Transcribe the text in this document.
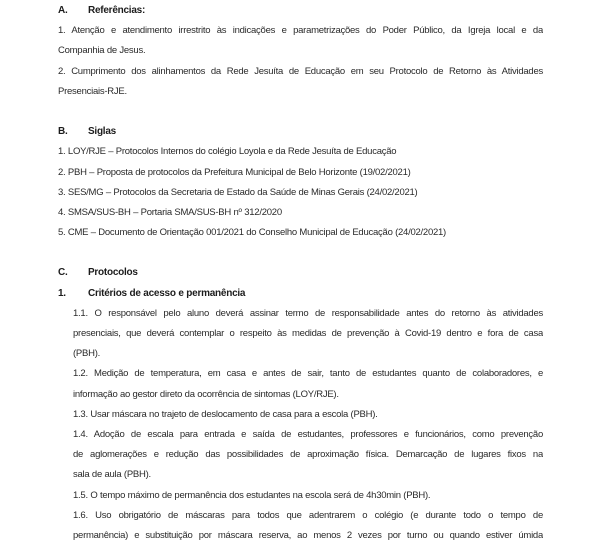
A. Referências:
1. Atenção e atendimento irrestrito às indicações e parametrizações do Poder Público, da Igreja local e da
Companhia de Jesus.
2. Cumprimento dos alinhamentos da Rede Jesuíta de Educação em seu Protocolo de Retorno às Atividades
Presenciais-RJE.
B. Siglas
1. LOY/RJE – Protocolos Internos do colégio Loyola e da Rede Jesuíta de Educação
2. PBH – Proposta de protocolos da Prefeitura Municipal de Belo Horizonte (19/02/2021)
3. SES/MG – Protocolos da Secretaria de Estado da Saúde de Minas Gerais (24/02/2021)
4. SMSA/SUS-BH – Portaria SMA/SUS-BH nº 312/2020
5. CME – Documento de Orientação 001/2021 do Conselho Municipal de Educação (24/02/2021)
C. Protocolos
1. Critérios de acesso e permanência
1.1. O responsável pelo aluno deverá assinar termo de responsabilidade antes do retorno às atividades
presenciais, que deverá contemplar o respeito às medidas de prevenção à Covid-19 dentro e fora de casa
(PBH).
1.2. Medição de temperatura, em casa e antes de sair, tanto de estudantes quanto de colaboradores, e
informação ao gestor direto da ocorrência de sintomas (LOY/RJE).
1.3. Usar máscara no trajeto de deslocamento de casa para a escola (PBH).
1.4. Adoção de escala para entrada e saída de estudantes, professores e funcionários, como prevenção
de aglomerações e redução das possibilidades de aproximação física. Demarcação de lugares fixos na
sala de aula (PBH).
1.5. O tempo máximo de permanência dos estudantes na escola será de 4h30min (PBH).
1.6. Uso obrigatório de máscaras para todos que adentrarem o colégio (e durante todo o tempo de
permanência) e substituição por máscara reserva, ao menos 2 vezes por turno ou quando estiver úmida
